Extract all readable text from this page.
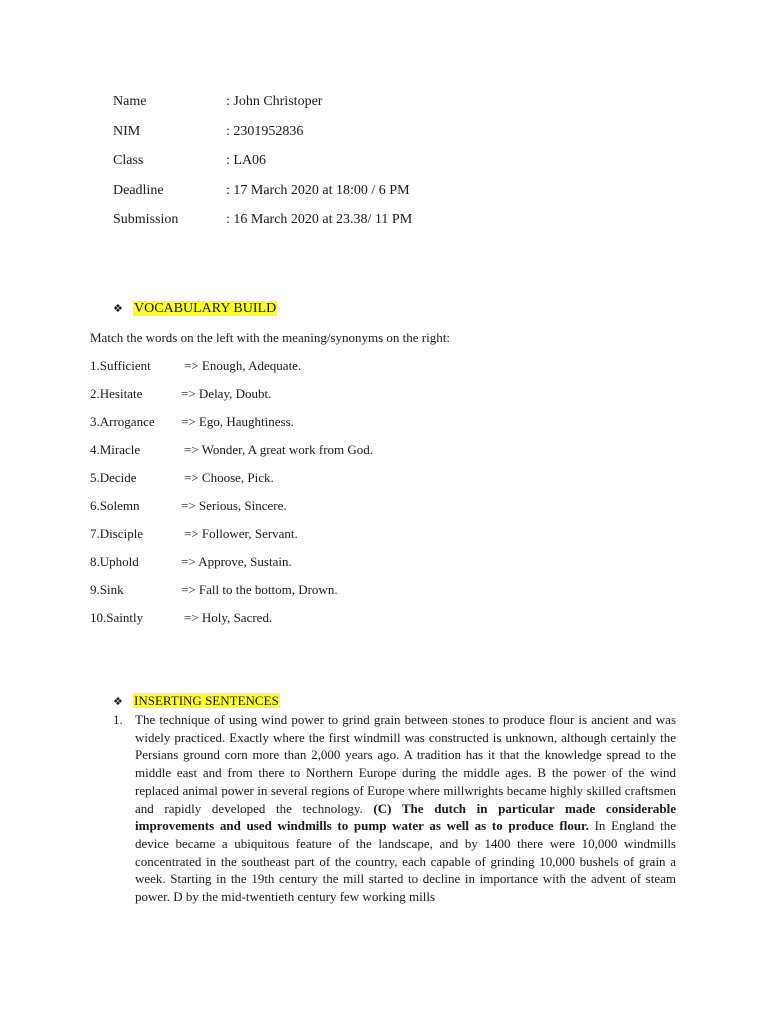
Name	: John Christoper
NIM	: 2301952836
Class	: LA06
Deadline	: 17 March 2020 at 18:00 / 6 PM
Submission	: 16 March 2020 at 23.38/ 11 PM
❖ VOCABULARY BUILD
Match the words on the left with the meaning/synonyms on the right:
1.Sufficient	=> Enough, Adequate.
2.Hesitate	=> Delay, Doubt.
3.Arrogance => Ego, Haughtiness.
4.Miracle	=> Wonder, A great work from God.
5.Decide	=> Choose, Pick.
6.Solemn	=> Serious, Sincere.
7.Disciple	=> Follower, Servant.
8.Uphold	=> Approve, Sustain.
9.Sink	=> Fall to the bottom, Drown.
10.Saintly	=> Holy, Sacred.
❖ INSERTING SENTENCES
1. The technique of using wind power to grind grain between stones to produce flour is ancient and was widely practiced. Exactly where the first windmill was constructed is unknown, although certainly the Persians ground corn more than 2,000 years ago. A tradition has it that the knowledge spread to the middle east and from there to Northern Europe during the middle ages. B the power of the wind replaced animal power in several regions of Europe where millwrights became highly skilled craftsmen and rapidly developed the technology. (C) The dutch in particular made considerable improvements and used windmills to pump water as well as to produce flour. In England the device became a ubiquitous feature of the landscape, and by 1400 there were 10,000 windmills concentrated in the southeast part of the country, each capable of grinding 10,000 bushels of grain a week. Starting in the 19th century the mill started to decline in importance with the advent of steam power. D by the mid-twentieth century few working mills
